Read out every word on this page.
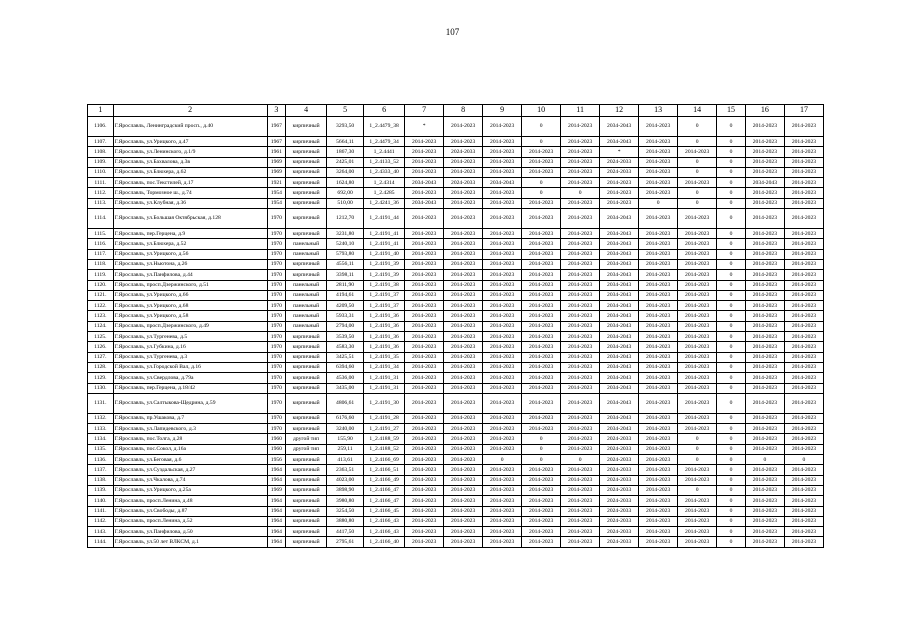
107
1	2	3	4	5	6	7	8	9	10	11	12	13	14	15	16	17
1106.	Г.Ярославль, Ленинградский просп., д.40	1967	кирпичный	3293,50	1_2.4479_38	*	2014-2023	2014-2023	0	2014-2023	2034-2043	2014-2023	0	0	2014-2023	2014-2023
1107.	Г.Ярославль, ул.Урицкого, д.47	1967	кирпичный	5664,11	1_2.4479_34	2014-2023	2014-2023	2014-2023	0	2014-2023	2034-2043	2014-2023	0	0	2014-2023	2014-2023
1108.	Г.Ярославль, ул.Ленинского, д.1/9	1961	кирпичный	1867,30	1_2.4441	2014-2023	2024-2033	2014-2023	2014-2023	2014-2023	*	2014-2023	2014-2023	0	2014-2023	2014-2023
1109.	Г.Ярославль, ул.Бахвалова, д.3в	1969	кирпичный	2425,01	1_2.4133_52	2014-2023	2014-2023	2014-2023	2014-2023	2014-2023	2024-2033	2014-2023	0	0	2014-2023	2014-2023
1110.	Г.Ярославль, ул.Блюхера, д.62	1969	кирпичный	3264,00	1_2.4333_40	2014-2023	2014-2023	2014-2023	2014-2023	2014-2023	2024-2033	2014-2023	0	0	2014-2023	2014-2023
1111.	Г.Ярославль, пос.Текстилей, д.17	1921	кирпичный	1624,80	1_2.4314	2034-2043	2024-2033	2034-2043	0	2014-2023	2014-2023	2014-2023	2014-2023	0	2034-2043	2014-2023
1112.	Г.Ярославль, Тормозное ш., д.74	1954	кирпичный	692,00	1_2.4285	2014-2023	2014-2023	2014-2023	0	0	2014-2023	2014-2023	0	0	2014-2023	2014-2023
1113.	Г.Ярославль, ул.Клубная, д.36	1954	кирпичный	510,00	1_2.4241_36	2034-2043	2014-2023	2014-2023	2014-2023	2014-2023	2014-2023	0	0	0	2014-2023	2014-2023
1114.	Г.Ярославль, ул.Большая Октябрьская, д.128	1970	кирпичный	1212,70	1_2.4191_44	2014-2023	2014-2023	2014-2023	2014-2023	2014-2023	2034-2043	2014-2023	2014-2023	0	2014-2023	2014-2023
1115.	Г.Ярославль, пер.Герцена, д.9	1970	кирпичный	3231,80	1_2.4191_41	2014-2023	2014-2023	2014-2023	2014-2023	2014-2023	2034-2043	2014-2023	2014-2023	0	2014-2023	2014-2023
1116.	Г.Ярославль, ул.Блюхера, д.52	1970	панельный	5240,10	1_2.4191_41	2014-2023	2014-2023	2014-2023	2014-2023	2014-2023	2034-2043	2014-2023	2014-2023	0	2014-2023	2014-2023
1117.	Г.Ярославль, ул.Урицкого, д.56	1970	панельный	5793,80	1_2.4191_40	2014-2023	2014-2023	2014-2023	2014-2023	2014-2023	2034-2043	2014-2023	2014-2023	0	2014-2023	2014-2023
1118.	Г.Ярославль, ул.Ньютона, д.26	1970	кирпичный	4556,11	1_2.4191_39	2014-2023	2014-2023	2014-2023	2014-2023	2014-2023	2034-2043	2014-2023	2014-2023	0	2014-2023	2014-2023
1119.	Г.Ярославль, ул.Панфилова, д.44	1970	кирпичный	3398,11	1_2.4191_39	2014-2023	2014-2023	2014-2023	2014-2023	2014-2023	2034-2043	2014-2023	2014-2023	0	2014-2023	2014-2023
1120.	Г.Ярославль, просп.Дзержинского, д.51	1970	панельный	2811,90	1_2.4191_38	2014-2023	2014-2023	2014-2023	2014-2023	2014-2023	2034-2043	2014-2023	2014-2023	0	2014-2023	2014-2023
1121.	Г.Ярославль, ул.Урицкого, д.66	1970	панельный	4194,61	1_2.4191_37	2014-2023	2014-2023	2014-2023	2014-2023	2014-2023	2034-2043	2014-2023	2014-2023	0	2014-2023	2014-2023
1122.	Г.Ярославль, ул.Урицкого, д.68	1970	панельный	4209,50	1_2.4191_37	2014-2023	2014-2023	2014-2023	2014-2023	2014-2023	2034-2043	2014-2023	2014-2023	0	2014-2023	2014-2023
1123.	Г.Ярославль, ул.Урицкого, д.58	1970	панельный	5933,31	1_2.4191_36	2014-2023	2014-2023	2014-2023	2014-2023	2014-2023	2034-2043	2014-2023	2014-2023	0	2014-2023	2014-2023
1124.	Г.Ярославль, просп.Дзержинского, д.49	1970	панельный	2794,00	1_2.4191_36	2014-2023	2014-2023	2014-2023	2014-2023	2014-2023	2034-2043	2014-2023	2014-2023	0	2014-2023	2014-2023
1125.	Г.Ярославль, ул.Тургенева, д.5	1970	кирпичный	3539,50	1_2.4191_36	2014-2023	2014-2023	2014-2023	2014-2023	2014-2023	2034-2043	2014-2023	2014-2023	0	2014-2023	2014-2023
1126.	Г.Ярославль, ул.Губкина, д.16	1970	кирпичный	4583,30	1_2.4191_36	2014-2023	2014-2023	2014-2023	2014-2023	2014-2023	2034-2043	2014-2023	2014-2023	0	2014-2023	2014-2023
1127.	Г.Ярославль, ул.Тургенева, д.3	1970	кирпичный	3425,51	1_2.4191_35	2014-2023	2014-2023	2014-2023	2014-2023	2014-2023	2034-2043	2014-2023	2014-2023	0	2014-2023	2014-2023
1128.	Г.Ярославль, ул.Городской Вал, д.16	1970	кирпичный	6394,60	1_2.4191_34	2014-2023	2014-2023	2014-2023	2014-2023	2014-2023	2034-2043	2014-2023	2014-2023	0	2014-2023	2014-2023
1129.	Г.Ярославль, ул.Свердлова, д.79а	1970	кирпичный	4536,00	1_2.4191_31	2014-2023	2014-2023	2014-2023	2014-2023	2014-2023	2034-2043	2014-2023	2014-2023	0	2014-2023	2014-2023
1130.	Г.Ярославль, пер.Герцена, д.18/42	1970	кирпичный	3435,00	1_2.4191_31	2014-2023	2014-2023	2014-2023	2014-2023	2014-2023	2034-2043	2014-2023	2014-2023	0	2014-2023	2014-2023
1131.	Г.Ярославль, ул.Салтыкова-Щедрина, д.59	1970	кирпичный	4806,61	1_2.4191_30	2014-2023	2014-2023	2014-2023	2014-2023	2014-2023	2034-2043	2014-2023	2014-2023	0	2014-2023	2014-2023
1132.	Г.Ярославль, пр.Ушакова, д.7	1970	кирпичный	6176,60	1_2.4191_28	2014-2023	2014-2023	2014-2023	2014-2023	2014-2023	2034-2043	2014-2023	2014-2023	0	2014-2023	2014-2023
1133.	Г.Ярославль, ул.Лапидевского, д.3	1970	кирпичный	3240,00	1_2.4191_27	2014-2023	2014-2023	2014-2023	2014-2023	2014-2023	2034-2043	2014-2023	2014-2023	0	2014-2023	2014-2023
1134.	Г.Ярославль, пос.Толга, д.28	1960	другой тип	155,90	1_2.4188_59	2014-2023	2014-2023	2014-2023	0	2014-2023	2024-2033	2014-2023	0	0	2014-2023	2014-2023
1135.	Г.Ярославль, пос.Сокол, д.16а	1960	другой тип	259,11	1_2.4188_52	2014-2023	2014-2023	2014-2023	0	2014-2023	2024-2033	2014-2023	0	0	2014-2023	2014-2023
1136.	Г.Ярославль, ул.Беговая, д.6	1956	кирпичный	413,61	1_2.4166_69	2014-2023	2014-2023	0	0	0	2024-2033	2014-2023	0	0	0	0
1137.	Г.Ярославль, ул.Суздальская, д.27	1964	кирпичный	2363,51	1_2.4166_51	2014-2023	2014-2023	2014-2023	2014-2023	2014-2023	2024-2033	2014-2023	2014-2023	0	2014-2023	2014-2023
1138.	Г.Ярославль, ул.Чкалова, д.74	1964	кирпичный	4023,00	1_2.4166_49	2014-2023	2014-2023	2014-2023	2014-2023	2014-2023	2024-2033	2014-2023	2014-2023	0	2014-2023	2014-2023
1139.	Г.Ярославль, ул.Урицкого, д.25а	1969	кирпичный	3898,90	1_2.4166_47	2014-2023	2014-2023	2014-2023	2014-2023	2014-2023	2024-2033	2014-2023	0	0	2014-2023	2014-2023
1140.	Г.Ярославль, просп.Ленина, д.48	1964	кирпичный	3980,80	1_2.4166_47	2014-2023	2014-2023	2014-2023	2014-2023	2014-2023	2024-2033	2014-2023	2014-2023	0	2014-2023	2014-2023
1141.	Г.Ярославль, ул.Свободы, д.87	1964	кирпичный	3254,50	1_2.4166_45	2014-2023	2014-2023	2014-2023	2014-2023	2014-2023	2024-2033	2014-2023	2014-2023	0	2014-2023	2014-2023
1142.	Г.Ярославль, просп.Ленина, д.52	1964	кирпичный	3880,80	1_2.4166_43	2014-2023	2014-2023	2014-2023	2014-2023	2014-2023	2024-2033	2014-2023	2014-2023	0	2014-2023	2014-2023
1143.	Г.Ярославль, ул.Панфилова, д.50	1964	кирпичный	4417,50	1_2.4166_43	2014-2023	2014-2023	2014-2023	2014-2023	2014-2023	2024-2033	2014-2023	2014-2023	0	2014-2023	2014-2023
1144.	Г.Ярославль, ул.50 лет ВЛКСМ, д.1	1964	кирпичный	2795,61	1_2.4166_40	2014-2023	2014-2023	2014-2023	2014-2023	2014-2023	2024-2033	2014-2023	2014-2023	0	2014-2023	2014-2023
